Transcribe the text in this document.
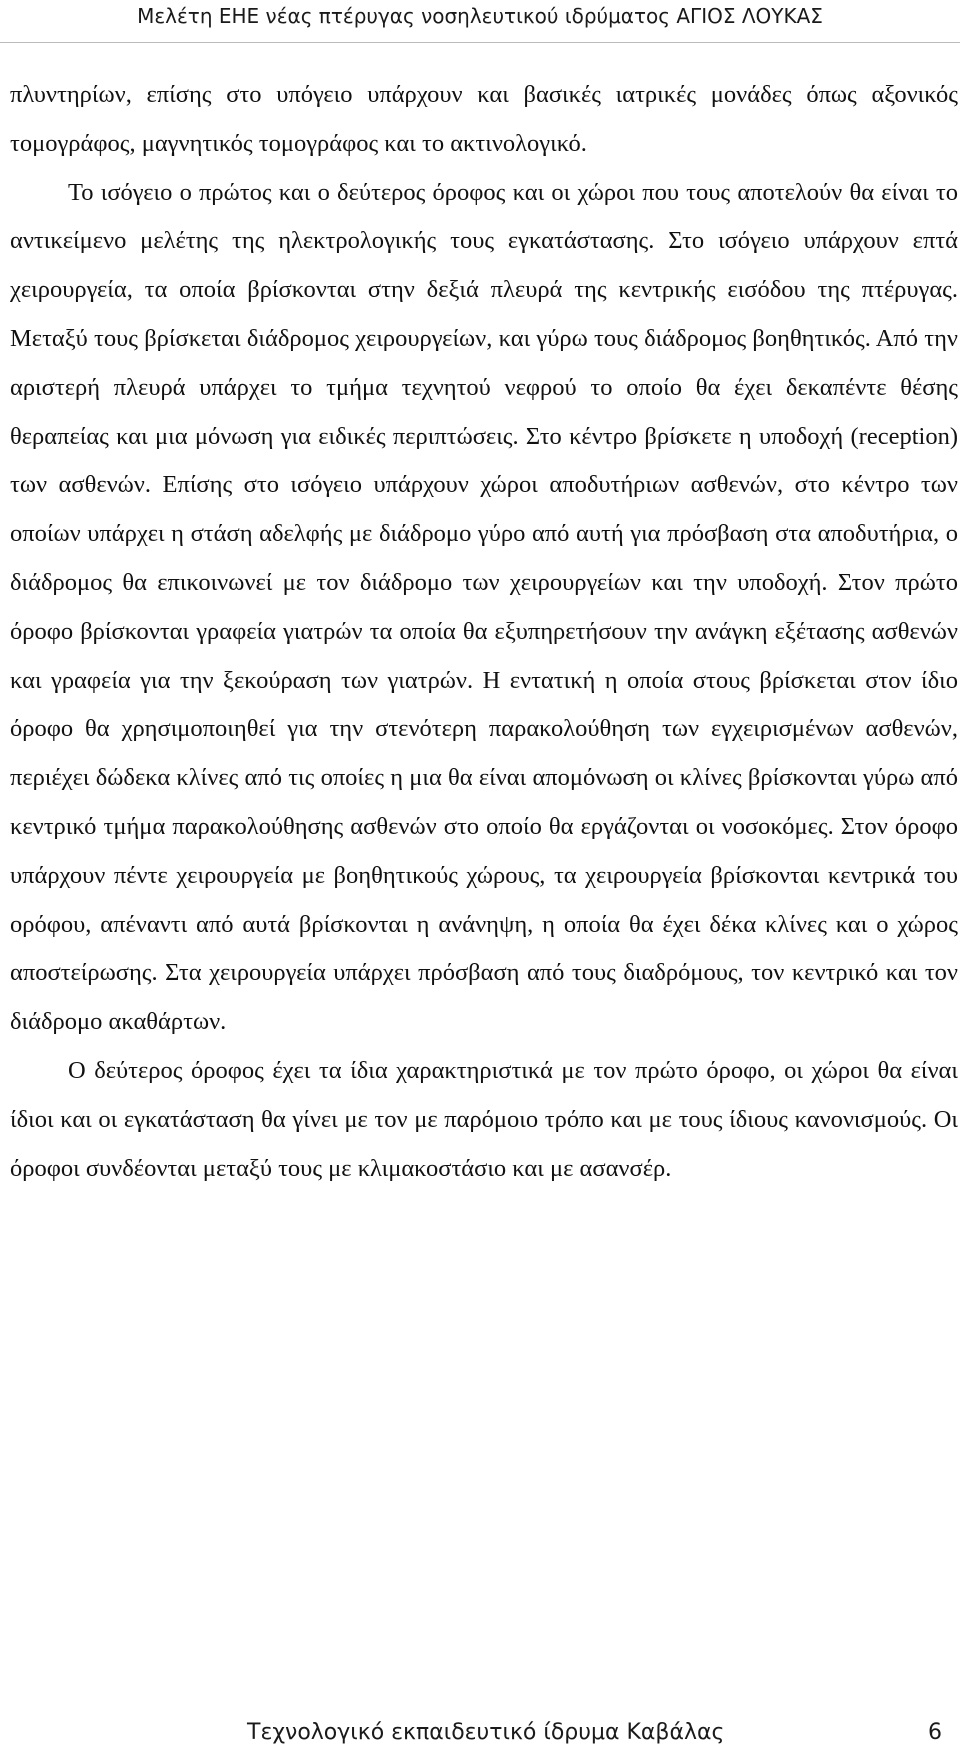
Μελέτη ΕΗΕ νέας πτέρυγας νοσηλευτικού ιδρύματος ΑΓΙΟΣ ΛΟΥΚΑΣ

πλυντηρίων, επίσης στο υπόγειο υπάρχουν και βασικές ιατρικές μονάδες όπως αξονικός τομογράφος, μαγνητικός τομογράφος και το ακτινολογικό.

Το ισόγειο ο πρώτος και ο δεύτερος όροφος και οι χώροι που τους αποτελούν θα είναι το αντικείμενο μελέτης της ηλεκτρολογικής τους εγκατάστασης. Στο ισόγειο υπάρχουν επτά χειρουργεία, τα οποία βρίσκονται στην δεξιά πλευρά της κεντρικής εισόδου της πτέρυγας. Μεταξύ τους βρίσκεται διάδρομος χειρουργείων, και γύρω τους διάδρομος βοηθητικός. Από την αριστερή πλευρά υπάρχει το τμήμα τεχνητού νεφρού το οποίο θα έχει δεκαπέντε θέσης θεραπείας και μια μόνωση για ειδικές περιπτώσεις. Στο κέντρο βρίσκετε η υποδοχή (reception) των ασθενών. Επίσης στο ισόγειο υπάρχουν χώροι αποδυτήριων ασθενών, στο κέντρο των οποίων υπάρχει η στάση αδελφής με διάδρομο γύρο από αυτή για πρόσβαση στα αποδυτήρια, ο διάδρομος θα επικοινωνεί με τον διάδρομο των χειρουργείων και την υποδοχή. Στον πρώτο όροφο βρίσκονται γραφεία γιατρών τα οποία θα εξυπηρετήσουν την ανάγκη εξέτασης ασθενών και γραφεία για την ξεκούραση των γιατρών. Η εντατική η οποία στους βρίσκεται στον ίδιο όροφο θα χρησιμοποιηθεί για την στενότερη παρακολούθηση των εγχειρισμένων ασθενών, περιέχει δώδεκα κλίνες από τις οποίες η μια θα είναι απομόνωση οι κλίνες βρίσκονται γύρω από κεντρικό τμήμα παρακολούθησης ασθενών στο οποίο θα εργάζονται οι νοσοκόμες. Στον όροφο υπάρχουν πέντε χειρουργεία με βοηθητικούς χώρους, τα χειρουργεία βρίσκονται κεντρικά του ορόφου, απέναντι από αυτά βρίσκονται η ανάνηψη, η οποία θα έχει δέκα κλίνες και ο χώρος αποστείρωσης. Στα χειρουργεία υπάρχει πρόσβαση από τους διαδρόμους, τον κεντρικό και τον διάδρομο ακαθάρτων.

Ο δεύτερος όροφος έχει τα ίδια χαρακτηριστικά με τον πρώτο όροφο, οι χώροι θα είναι ίδιοι και οι εγκατάσταση θα γίνει με τον με παρόμοιο τρόπο και με τους ίδιους κανονισμούς. Οι όροφοι συνδέονται μεταξύ τους με κλιμακοστάσιο και με ασανσέρ.

Τεχνολογικό εκπαιδευτικό ίδρυμα Καβάλας	6
